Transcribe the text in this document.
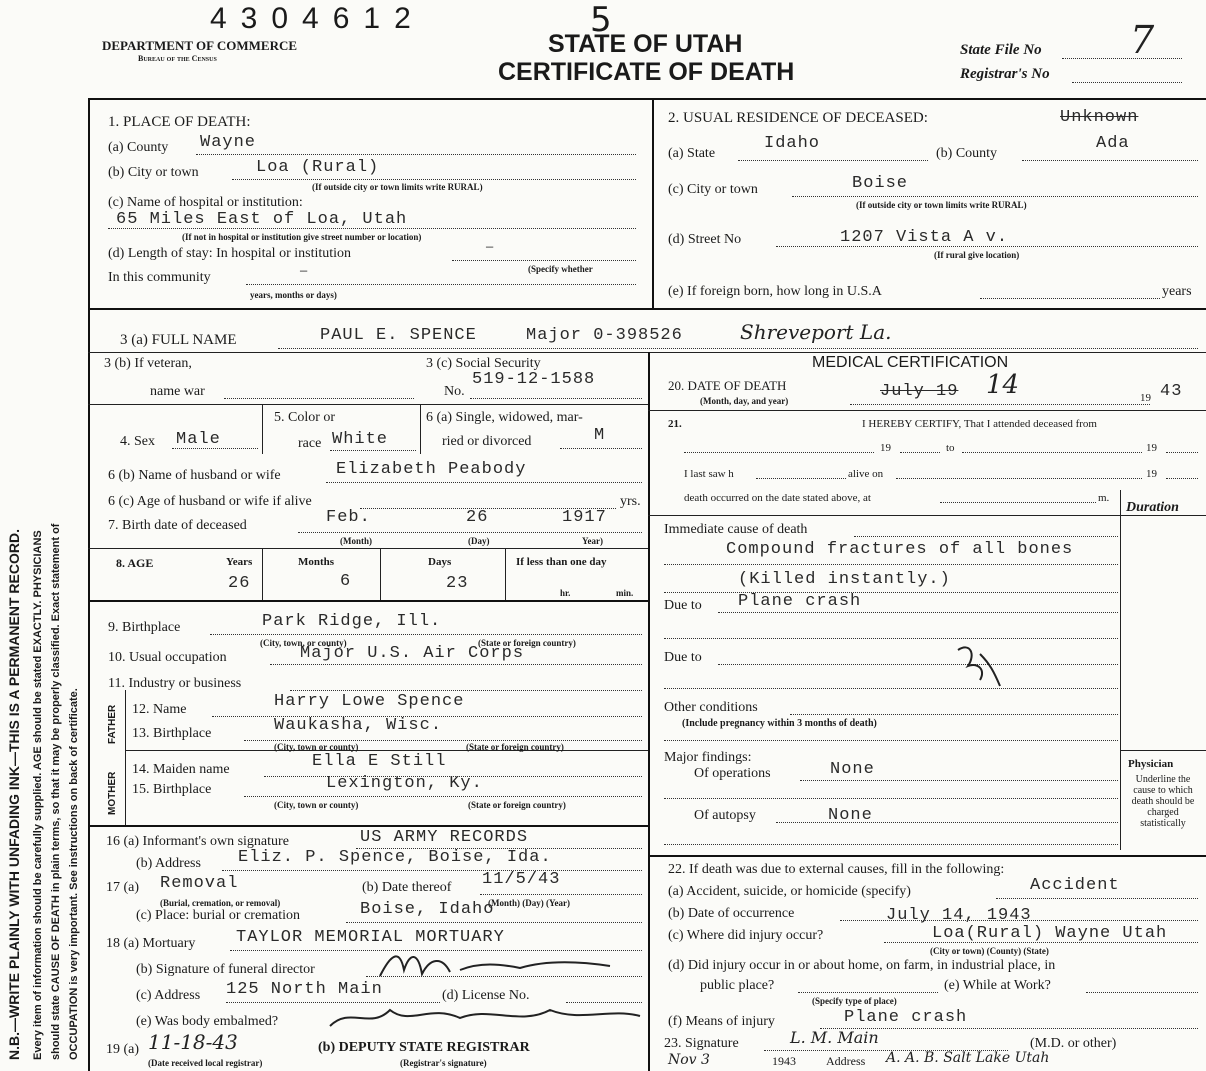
N.B.—WRITE PLAINLY WITH UNFADING INK—THIS IS A PERMANENT RECORD. Every item of information should be carefully supplied. AGE should be stated EXACTLY. PHYSICIANS should state CAUSE OF DEATH in plain terms, so that it may be properly classified. Exact statement of OCCUPATION is very important. See instructions on back of certificate.
4304612	5
DEPARTMENT OF COMMERCE
Bureau of the Census
STATE OF UTAH
CERTIFICATE OF DEATH
State File No 7
Registrar's No
1. PLACE OF DEATH:
(a) County Wayne
(b) City or town	Loa (Rural)
(If outside city or town limits write RURAL)
(c) Name of hospital or institution:
65 Miles East of Loa, Utah
(If not in hospital or institution give street number or location)
(d) Length of stay: In hospital or institution	—
(Specify whether
In this community	—
years, months or days)
2. USUAL RESIDENCE OF DECEASED:	Unknown
(a) State
Idaho
(b) County
Ada
(c) City or town	Boise
(If outside city or town limits write RURAL)
(d) Street No	1207 Vista A v.
(If rural give location)
(e) If foreign born, how long in U.S.A	years
3 (a) FULL NAME	PAUL E. SPENCE	Major 0-398526	Shreveport La.
3 (b) If veteran,
name war
3 (c) Social Security
No.
519-12-1588
4. Sex Male
5. Color or
race White
6 (a) Single, widowed, mar-
ried or divorced	M
6 (b) Name of husband or wife	Elizabeth Peabody
6 (c) Age of husband or wife if alive	yrs.
7. Birth date of deceased	Feb.	26	1917
(Month)	(Day)	Year)
8. AGE	Years	Months	Days	If less than one day
26	6	23	hr.	min.
9. Birthplace	Park Ridge, Ill.
(City, town, or county)	(State or foreign country)
10. Usual occupation	Major U.S. Air Corps
11. Industry or business
FATHER
MOTHER
12. Name	Harry Lowe Spence
13. Birthplace	Waukasha, Wisc.
(City, town or county)	(State or foreign country)
14. Maiden name	Ella E Still
15. Birthplace	Lexington, Ky.
(City, town or county)	(State or foreign country)
16 (a) Informant's own signature	US ARMY RECORDS
(b) Address Eliz. P. Spence, Boise, Ida.
17 (a) Removal
(Burial, cremation, or removal)
(b) Date thereof 11/5/43
(Month) (Day) (Year)
(c) Place: burial or cremation	Boise, Idaho
18 (a) Mortuary TAYLOR MEMORIAL MORTUARY
(b) Signature of funeral director
(c) Address 125 North Main	(d) License No.
(e) Was body embalmed?
19 (a) 11-18-43	(b) DEPUTY STATE REGISTRAR
(Date received local registrar)	(Registrar's signature)
MEDICAL CERTIFICATION
20. DATE OF DEATH
(Month, day, and year)	July 19 14	19 43
21.	I HEREBY CERTIFY, That I attended deceased from
19	to	19
I last saw h	alive on	19
death occurred on the date stated above, at	m.
Duration
Immediate cause of death
Compound fractures of all bones
(Killed instantly.)
Due to Plane crash
Due to
Other conditions
(Include pregnancy within 3 months of death)
Major findings:
Of operations	None
Of autopsy	None
Physician
Underline the cause to which death should be charged statistically
22. If death was due to external causes, fill in the following:
(a) Accident, suicide, or homicide (specify)	Accident
(b) Date of occurrence	July 14, 1943
(c) Where did injury occur?	Loa(Rural) Wayne Utah
(City or town) (County) (State)
(d) Did injury occur in or about home, on farm, in industrial place, in
public place?
(Specify type of place)
(e) While at Work?
(f) Means of injury	Plane crash
23. Signature	L. M. Main	(M.D. or other)
Nov 3	1943	Address A. A. B. Salt Lake Utah
